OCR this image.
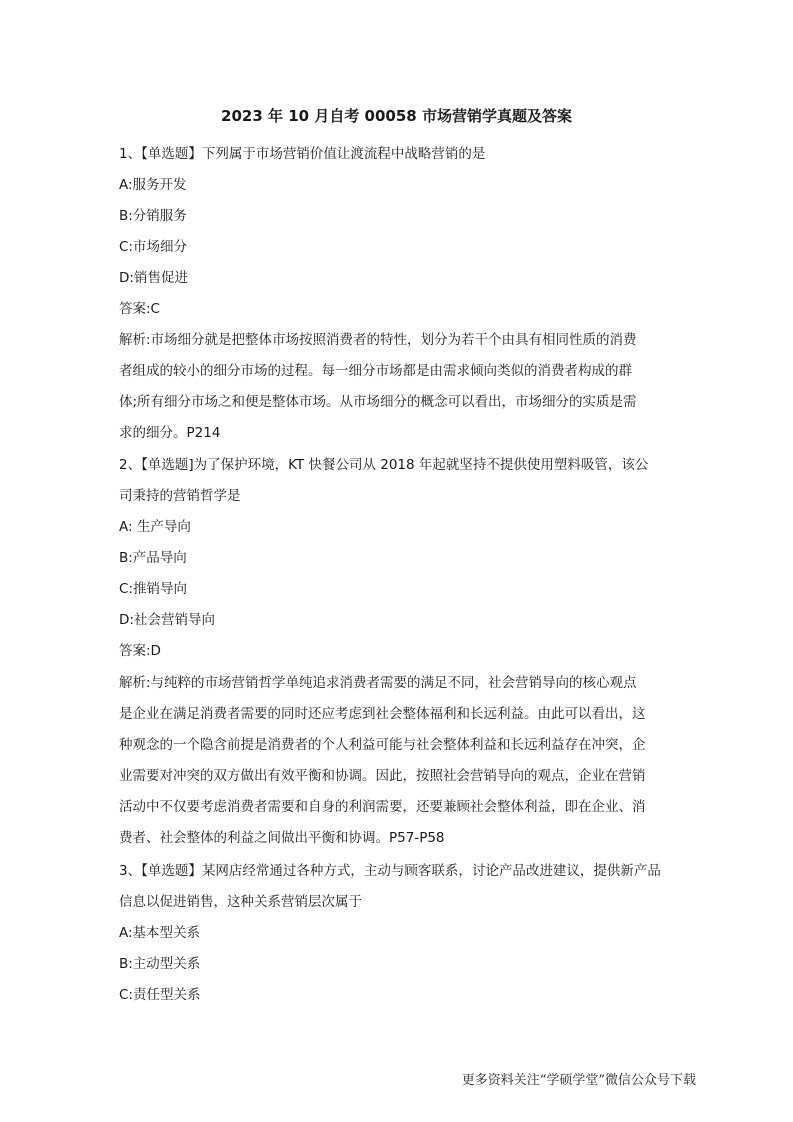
2023 年 10 月自考 00058 市场营销学真题及答案
1、【单选题】下列属于市场营销价值让渡流程中战略营销的是
A:服务开发
B:分销服务
C:市场细分
D:销售促进
答案:C
解析:市场细分就是把整体市场按照消费者的特性，划分为若干个由具有相同性质的消费
者组成的较小的细分市场的过程。每一细分市场都是由需求倾向类似的消费者构成的群
体;所有细分市场之和便是整体市场。从市场细分的概念可以看出，市场细分的实质是需
求的细分。P214
2、【单选题]为了保护环境，KT 快餐公司从 2018 年起就坚持不提供使用塑料吸管，该公
司秉持的营销哲学是
A: 生产导向
B:产品导向
C:推销导向
D:社会营销导向
答案:D
解析:与纯粹的市场营销哲学单纯追求消费者需要的满足不同，社会营销导向的核心观点
是企业在满足消费者需要的同时还应考虑到社会整体福利和长远利益。由此可以看出，这
种观念的一个隐含前提是消费者的个人利益可能与社会整体利益和长远利益存在冲突，企
业需要对冲突的双方做出有效平衡和协调。因此，按照社会营销导向的观点，企业在营销
活动中不仅要考虑消费者需要和自身的利润需要，还要兼顾社会整体利益，即在企业、消
费者、社会整体的利益之间做出平衡和协调。P57-P58
3、【单选题】某网店经常通过各种方式，主动与顾客联系，讨论产品改进建议，提供新产品
信息以促进销售，这种关系营销层次属于
A:基本型关系
B:主动型关系
C:责任型关系
更多资料关注“学硕学堂”微信公众号下载
